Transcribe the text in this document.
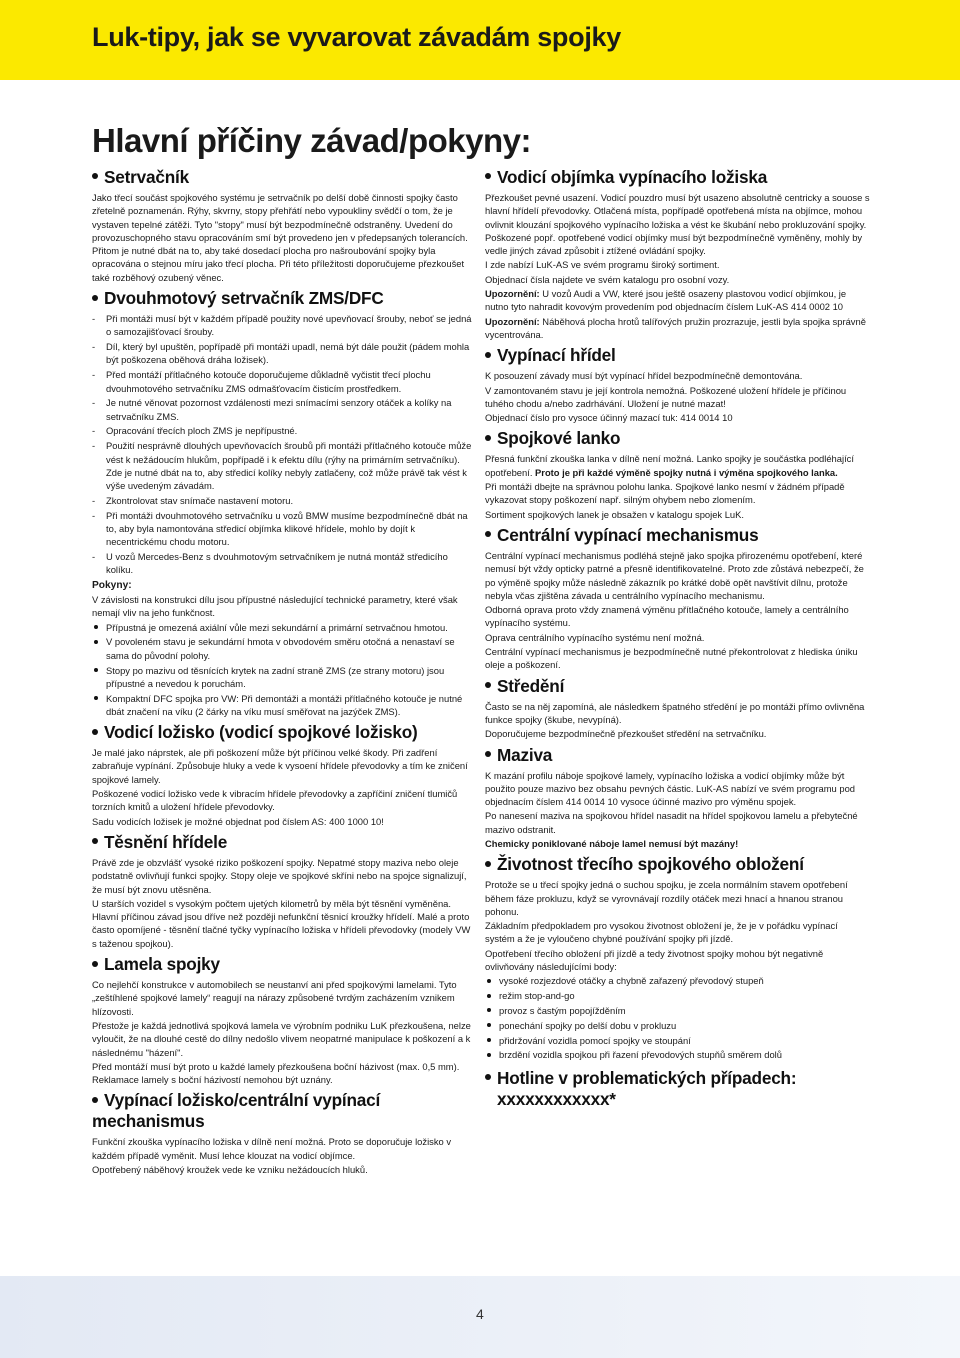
Luk-tipy, jak se vyvarovat závadám spojky
Hlavní příčiny závad/pokyny:
Setrvačník

Jako třecí součást spojkového systému je setrvačník po delší době činnosti spojky často zřetelně poznamenán. Rýhy, skvrny, stopy přehřátí nebo vypoukliny svědčí o tom, že je vystaven tepelné zátěži. Tyto "stopy" musí být bezpodmínečně odstraněny. Uvedení do provozuschopného stavu opracováním smí být provedeno jen v předepsaných tolerancích. Přitom je nutné dbát na to, aby také dosedací plocha pro našroubování spojky byla opracována o stejnou míru jako třecí plocha. Při této příležitosti doporučujeme přezkoušet také rozběhový ozubený věnec.

Dvouhmotový setrvačník ZMS/DFC
- Při montáži musí být v každém případě použity nové upevňovací šrouby, neboť se jedná o samozajišťovací šrouby.
- Díl, který byl upuštěn, popřípadě při montáži upadl, nemá být dále použit (pádem mohla být poškozena oběhová dráha ložisek).
- Před montáží přítlačného kotouče doporučujeme důkladně vyčistit třecí plochu dvouhmotového setrvačníku ZMS odmašťovacím čisticím prostředkem.
- Je nutné věnovat pozornost vzdálenosti mezi snímacími senzory otáček a kolíky na setrvačníku ZMS.
- Opracování třecích ploch ZMS je nepřípustné.
- Použití nesprávně dlouhých upevňovacích šroubů při montáži přítlačného kotouče může vést k nežádoucím hlukům, popřípadě i k efektu dílu (rýhy na primárním setrvačníku). Zde je nutné dbát na to, aby středicí kolíky nebyly zatlačeny, což může právě tak vést k výše uvedeným závadám.
- Zkontrolovat stav snímače nastavení motoru.
- Při montáži dvouhmotového setrvačníku u vozů BMW musíme bezpodmínečně dbát na to, aby byla namontována středicí objímka klikové hřídele, mohlo by dojít k necentrickému chodu motoru.
- U vozů Mercedes-Benz s dvouhmotovým setrvačníkem je nutná montáž středicího kolíku.

Pokyny:

V závislosti na konstrukci dílu jsou přípustné následující technické parametry, které však nemají vliv na jeho funkčnost.

Přípustná je omezená axiální vůle mezi sekundární a primární setrvačnou hmotou.
V povoleném stavu je sekundární hmota v obvodovém směru otočná a nenastaví se sama do původní polohy.
Stopy po mazivu od těsnících krytek na zadní straně ZMS (ze strany motoru) jsou přípustné a nevedou k poruchám.
Kompaktní DFC spojka pro VW: Při demontáži a montáži přítlačného kotouče je nutné dbát značení na víku (2 čárky na víku musí směřovat na jazýček ZMS).
Vodicí ložisko (vodicí spojkové ložisko)

Je malé jako náprstek, ale při poškození může být příčinou velké škody. Při zadření zabraňuje vypínání. Způsobuje hluky a vede k vysoení hřídele převodovky a tím ke zničení spojkové lamely.

Poškozené vodicí ložisko vede k vibracím hřídele převodovky a zapříčiní zničení tlumičů torzních kmitů a uložení hřídele převodovky.

Sadu vodicích ložisek je možné objednat pod číslem AS: 400 1000 10!

Těsnění hřídele

Právě zde je obzvlášť vysoké riziko poškození spojky. Nepatmé stopy maziva nebo oleje podstatně ovlivňují funkci spojky. Stopy oleje ve spojkové skříni nebo na spojce signalizují, že musí být znovu utěsněna.

U starších vozidel s vysokým počtem ujetých kilometrů by měla být těsnění vyměněna. Hlavní příčinou závad jsou dříve než později nefunkční těsnicí kroužky hřídelí. Malé a proto často opomíjené - těsnění tlačné tyčky vypínacího ložiska v hřídeli převodovky (modely VW s taženou spojkou).

Lamela spojky

Co nejlehčí konstrukce v automobilech se neustanví ani před spojkovými lamelami. Tyto „zeštíhlené spojkové lamely“ reagují na nárazy způsobené tvrdým zacházením vznikem hlízovosti.

Přestože je každá jednotlivá spojková lamela ve výrobním podniku LuK přezkoušena, nelze vyloučit, že na dlouhé cestě do dílny nedošlo vlivem neopatrné manipulace k poškození a k následnému "házení".

Před montáží musí být proto u každé lamely přezkoušena boční házivost (max. 0,5 mm). Reklamace lamely s boční házivostí nemohou být uznány.

Vypínací ložisko/centrální vypínací mechanismus

Funkční zkouška vypínacího ložiska v dílně není možná. Proto se doporučuje ložisko v každém případě vyměnit. Musí lehce klouzat na vodicí objímce.

Opotřebený náběhový kroužek vede ke vzniku nežádoucích hluků.

Vodicí objímka vypínacího ložiska

Přezkoušet pevné usazení. Vodicí pouzdro musí být usazeno absolutně centricky a souose s hlavní hřídelí převodovky. Otlačená místa, popřípadě opotřebená místa na objímce, mohou ovlivnit klouzání spojkového vypínacího ložiska a vést ke škubání nebo prokluzování spojky. Poškozené popř. opotřebené vodicí objímky musí být bezpodmínečně vyměněny, mohly by vedle jiných závad způsobit i ztížené ovládání spojky.

I zde nabízí LuK-AS ve svém programu široký sortiment.

Objednací čísla najdete ve svém katalogu pro osobní vozy.

Upozornění: U vozů Audi a VW, které jsou ještě osazeny plastovou vodicí objímkou, je nutno tyto nahradit kovovým provedením pod objednacím číslem LuK-AS 414 0002 10

Upozornění: Náběhová plocha hrotů talířových pružin prozrazuje, jestli byla spojka správně vycentrována.

Vypínací hřídel

K posouzení závady musí být vypínací hřídel bezpodmínečně demontována.

V zamontovaném stavu je její kontrola nemožná. Poškozené uložení hřídele je příčinou tuhého chodu a/nebo zadrhávání. Uložení je nutné mazat!

Objednací číslo pro vysoce účinný mazací tuk: 414 0014 10

Spojkové lanko

Přesná funkční zkouška lanka v dílně není možná. Lanko spojky je součástka podléhající opotřebení. Proto je při každé výměně spojky nutná i výměna spojkového lanka.

Při montáži dbejte na správnou polohu lanka. Spojkové lanko nesmí v žádném případě vykazovat stopy poškození např. silným ohybem nebo zlomením.

Sortiment spojkových lanek je obsažen v katalogu spojek LuK.

Centrální vypínací mechanismus

Centrální vypínací mechanismus podléhá stejně jako spojka přirozenému opotřebení, které nemusí být vždy opticky patrné a přesně identifikovatelné. Proto zde zůstává nebezpečí, že po výměně spojky může následně zákazník po krátké době opět navštívit dílnu, protože nebyla včas zjištěna závada u centrálního vypínacího mechanismu.

Odborná oprava proto vždy znamená výměnu přítlačného kotouče, lamely a centrálního vypínacího systému.

Oprava centrálního vypínacího systému není možná.

Centrální vypínací mechanismus je bezpodmínečně nutné překontrolovat z hlediska úniku oleje a poškození.

Středění

Často se na něj zapomíná, ale následkem špatného středění je po montáži přímo ovlivněna funkce spojky (škube, nevypíná).

Doporučujeme bezpodmínečně přezkoušet středění na setrvačníku.

Maziva

K mazání profilu náboje spojkové lamely, vypínacího ložiska a vodicí objímky může být použito pouze mazivo bez obsahu pevných částic. LuK-AS nabízí ve svém programu pod objednacím číslem 414 0014 10 vysoce účinné mazivo pro výměnu spojek.

Po nanesení maziva na spojkovou hřídel nasadit na hřídel spojkovou lamelu a přebytečné mazivo odstranit.

Chemicky poniklované náboje lamel nemusí být mazány!

Životnost třecího spojkového obložení

Protože se u třecí spojky jedná o suchou spojku, je zcela normálním stavem opotřebení během fáze prokluzu, když se vyrovnávají rozdíly otáček mezi hnací a hnanou stranou pohonu.

Základním předpokladem pro vysokou životnost obložení je, že je v pořádku vypínací systém a že je vyloučeno chybné používání spojky při jízdě.

Opotřebení třecího obložení při jízdě a tedy životnost spojky mohou být negativně ovlivňovány následujícími body:

vysoké rozjezdové otáčky a chybně zařazený převodový stupeň
režim stop-and-go
provoz s častým popojížděním
ponechání spojky po delší dobu v prokluzu
přidržování vozidla pomocí spojky ve stoupání
brzdění vozidla spojkou při řazení převodových stupňů směrem dolů
Hotline v problematických případech:
xxxxxxxxxxxx*
4
